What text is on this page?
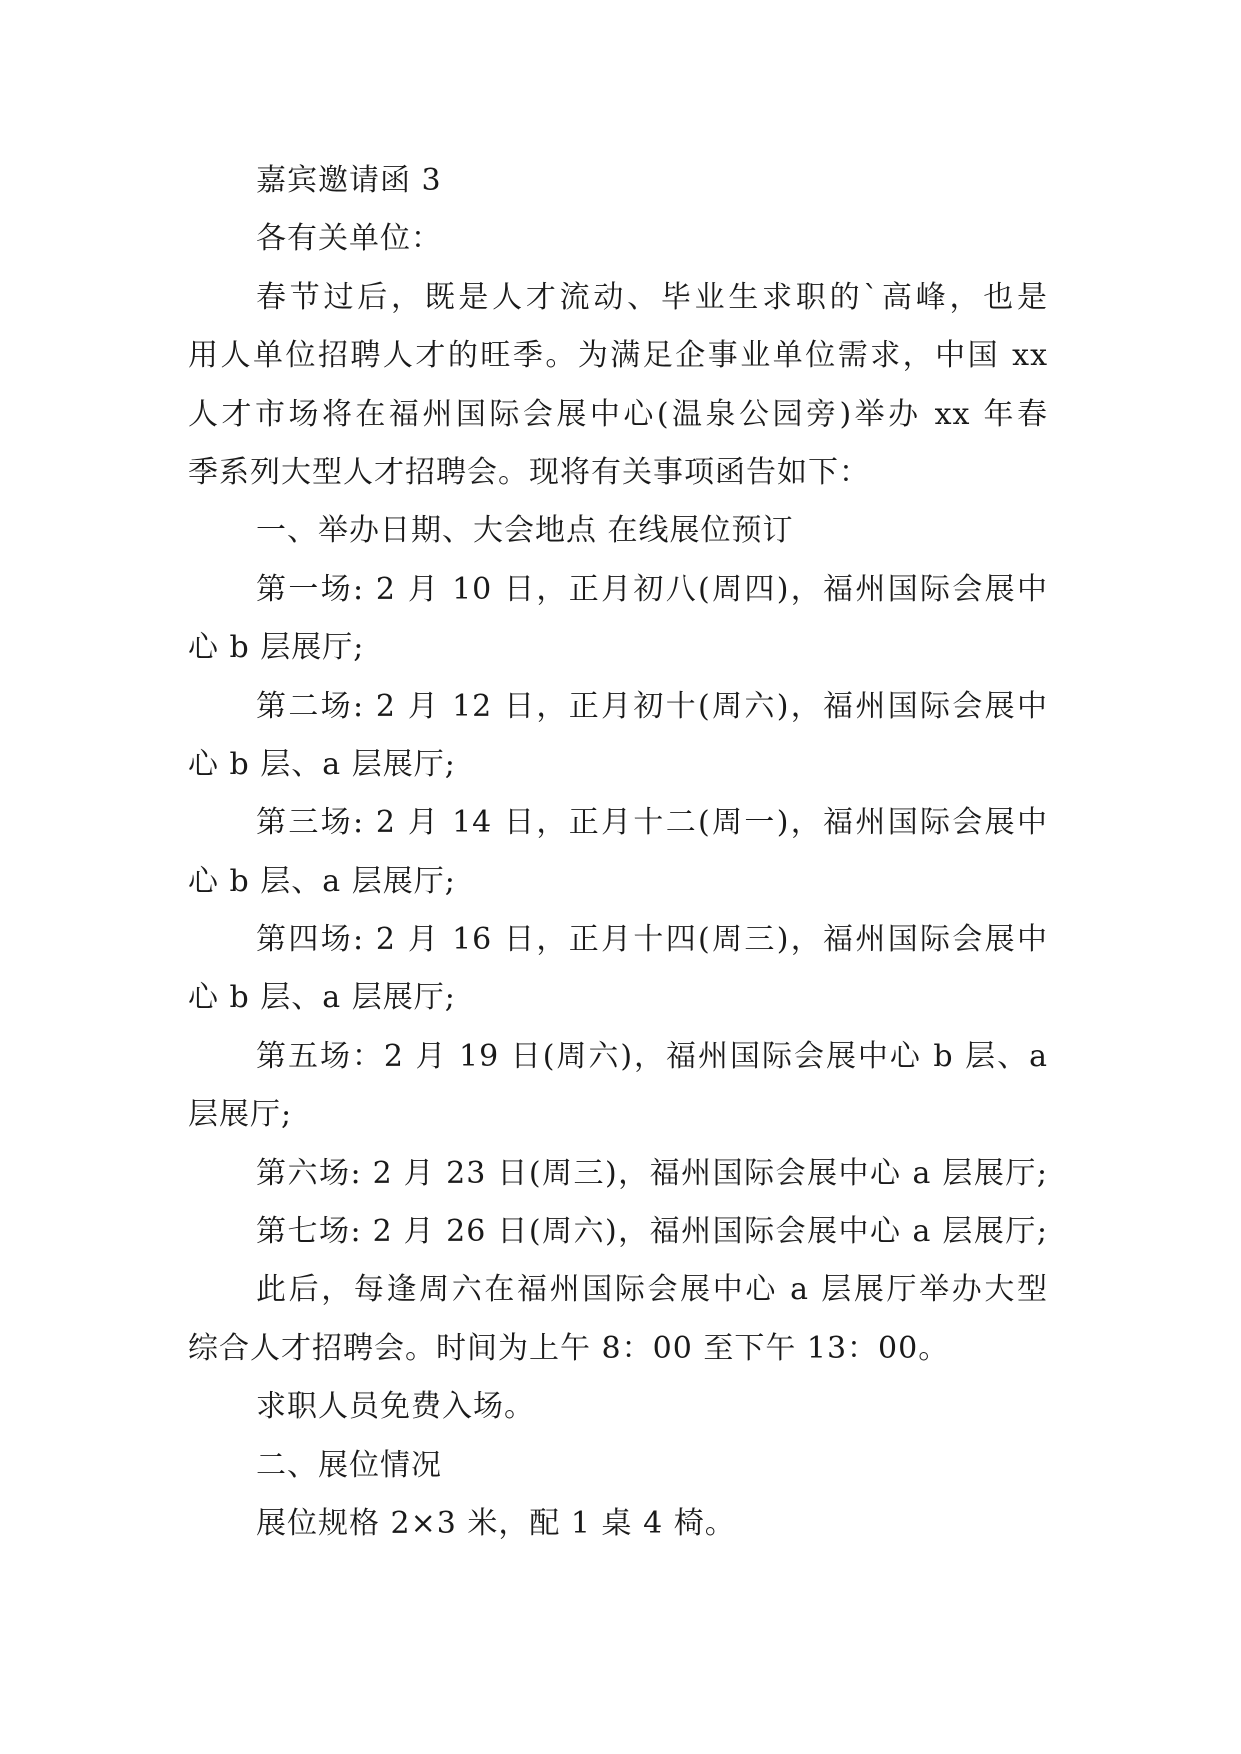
嘉宾邀请函 3
各有关单位：
春节过后，既是人才流动、毕业生求职的`高峰，也是
用人单位招聘人才的旺季。为满足企事业单位需求，中国 xx
人才市场将在福州国际会展中心(温泉公园旁)举办 xx 年春
季系列大型人才招聘会。现将有关事项函告如下：
一、举办日期、大会地点 在线展位预订
第一场: 2 月 10 日，正月初八(周四)，福州国际会展中
心 b 层展厅;
第二场: 2 月 12 日，正月初十(周六)，福州国际会展中
心 b 层、a 层展厅;
第三场: 2 月 14 日，正月十二(周一)，福州国际会展中
心 b 层、a 层展厅;
第四场: 2 月 16 日，正月十四(周三)，福州国际会展中
心 b 层、a 层展厅;
第五场：2 月 19 日(周六)，福州国际会展中心 b 层、a
层展厅;
第六场: 2 月 23 日(周三)，福州国际会展中心 a 层展厅;
第七场: 2 月 26 日(周六)，福州国际会展中心 a 层展厅;
此后，每逢周六在福州国际会展中心 a 层展厅举办大型
综合人才招聘会。时间为上午 8：00 至下午 13：00。
求职人员免费入场。
二、展位情况
展位规格 2×3 米，配 1 桌 4 椅。
